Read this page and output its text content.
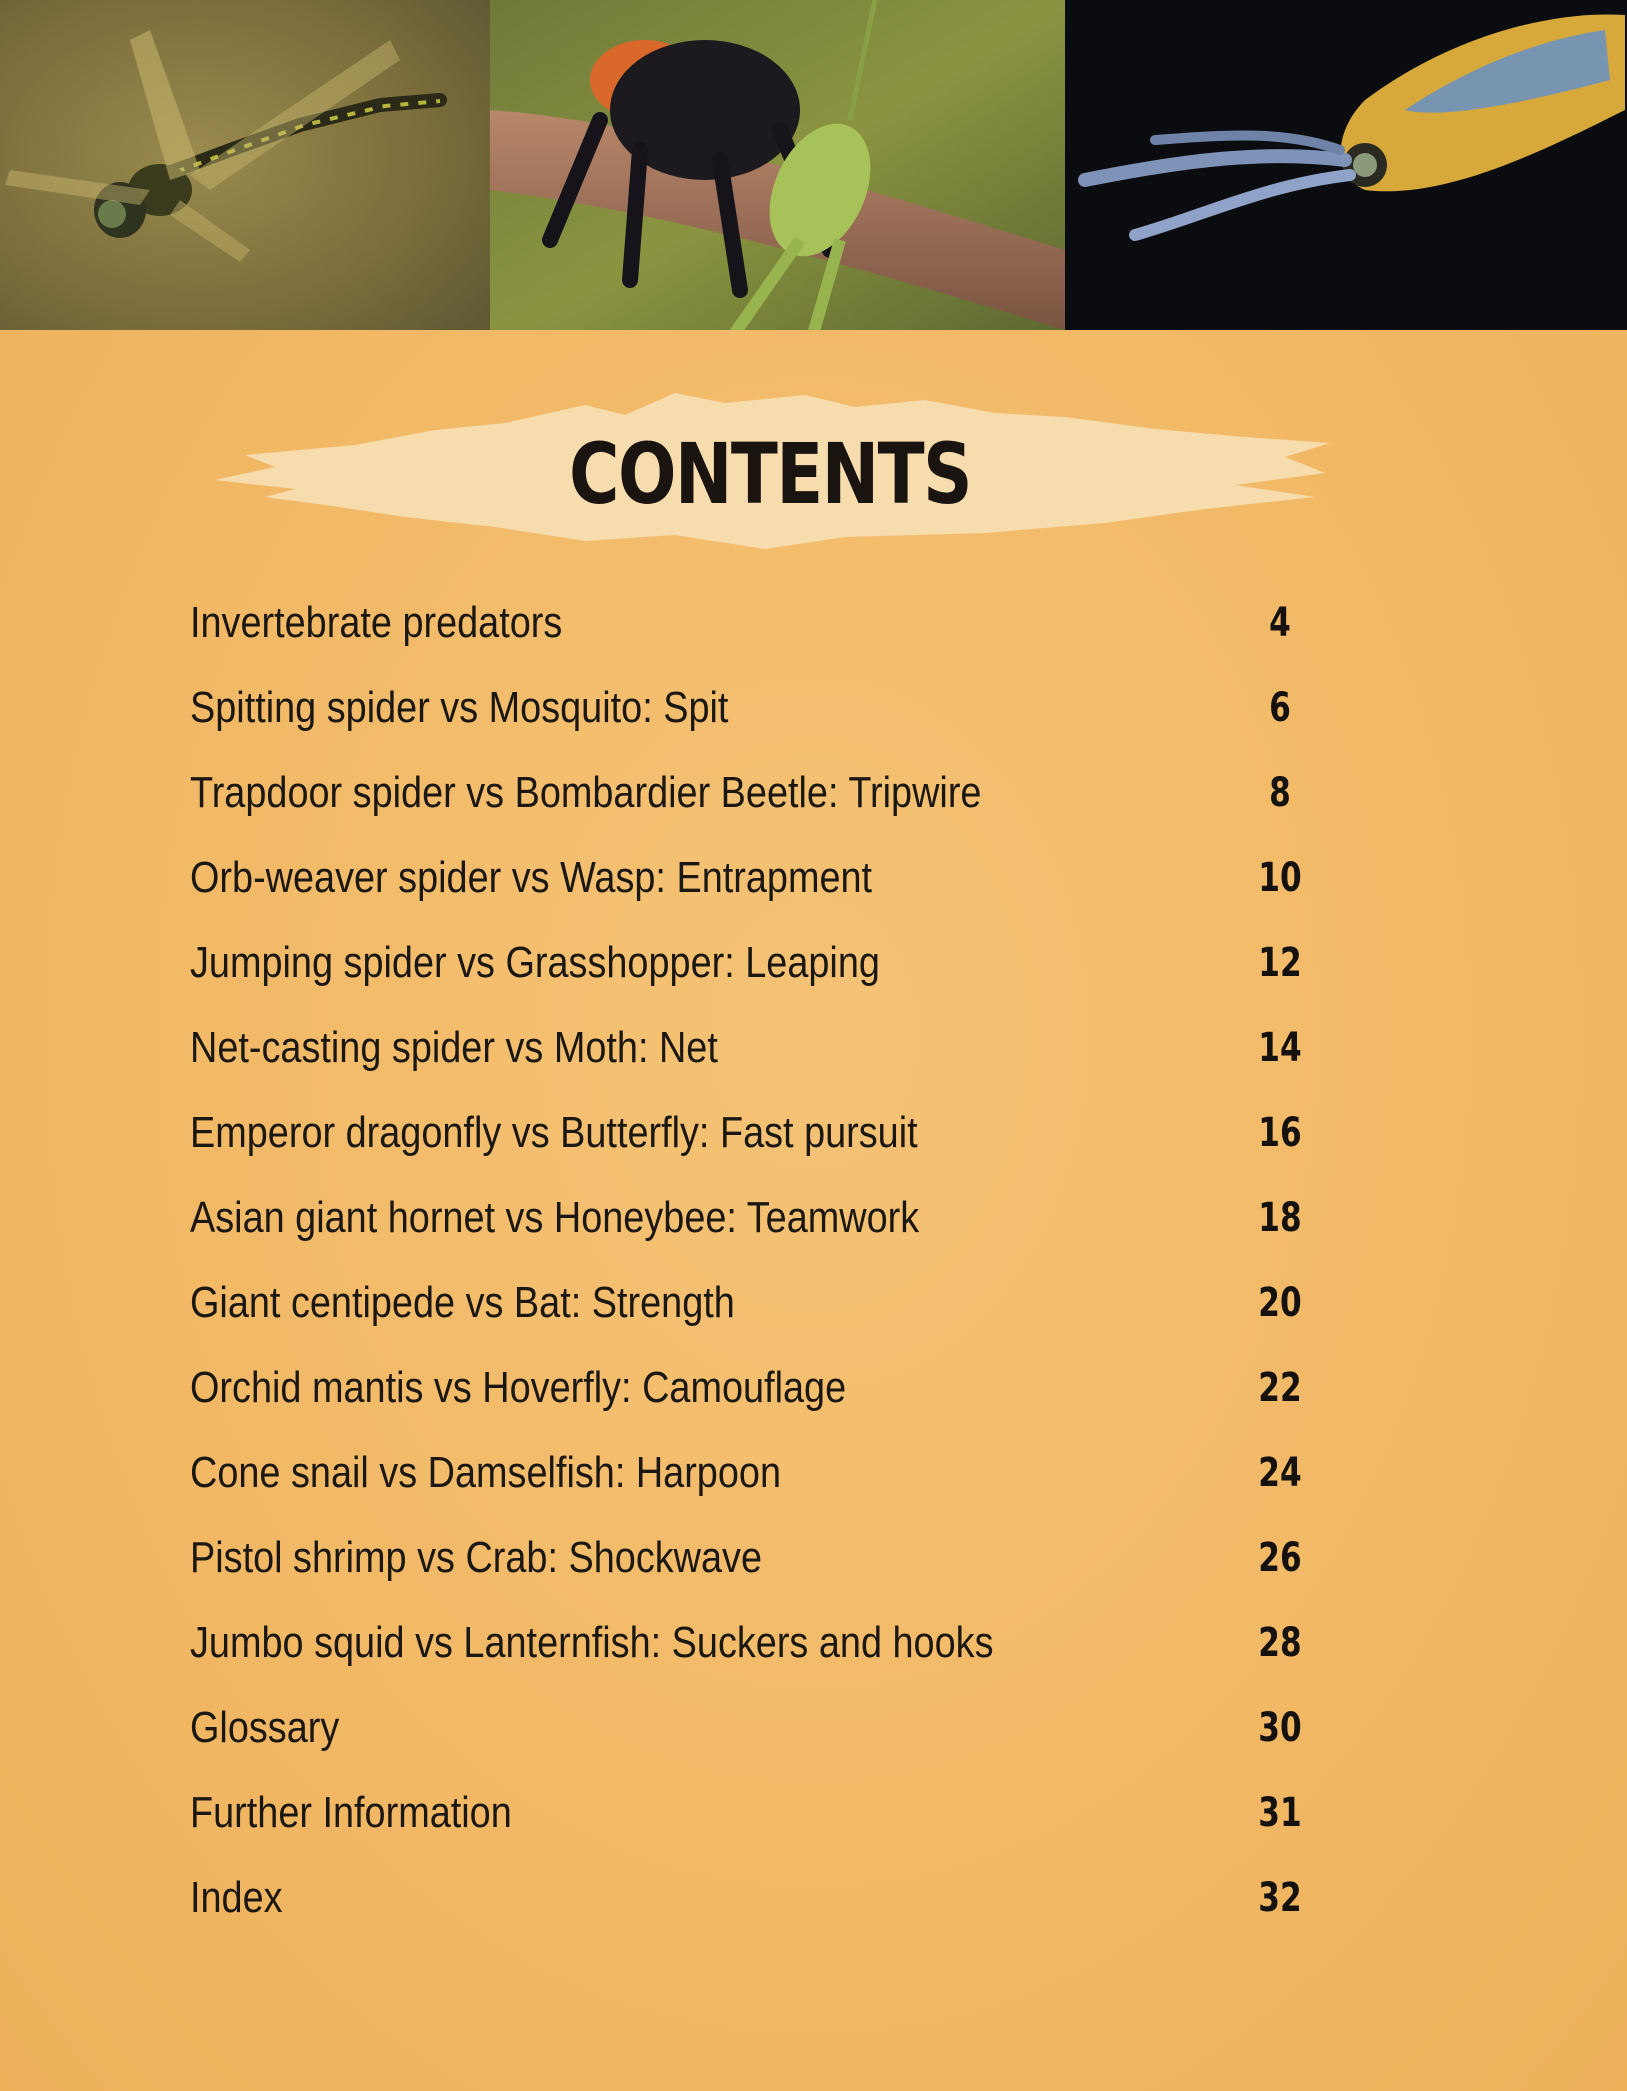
CONTENTS
Invertebrate predators	4
Spitting spider vs Mosquito: Spit	6
Trapdoor spider vs Bombardier Beetle: Tripwire	8
Orb-weaver spider vs Wasp: Entrapment	10
Jumping spider vs Grasshopper: Leaping	12
Net-casting spider vs Moth: Net	14
Emperor dragonfly vs Butterfly: Fast pursuit	16
Asian giant hornet vs Honeybee: Teamwork	18
Giant centipede vs Bat: Strength	20
Orchid mantis vs Hoverfly: Camouflage	22
Cone snail vs Damselfish: Harpoon	24
Pistol shrimp vs Crab: Shockwave	26
Jumbo squid vs Lanternfish: Suckers and hooks	28
Glossary	30
Further Information	31
Index	32
